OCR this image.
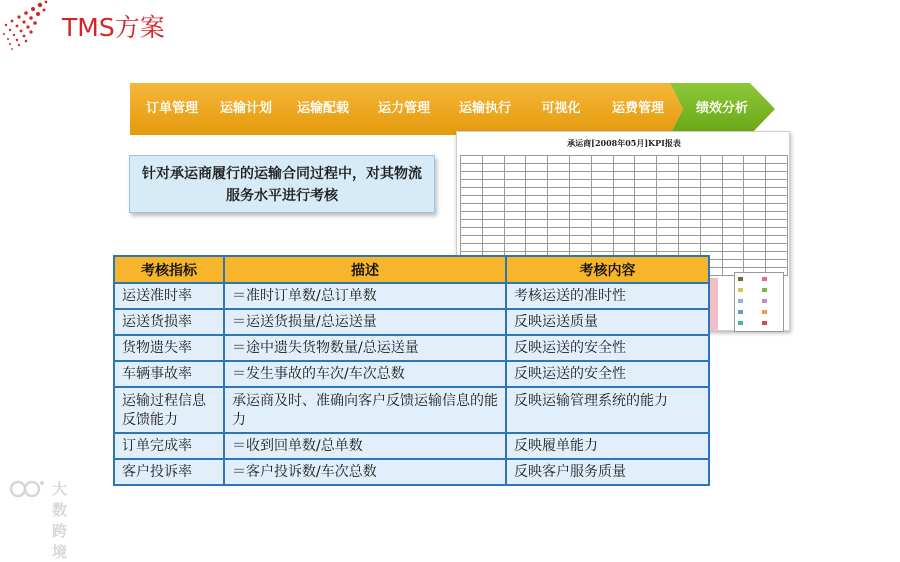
TMS方案
订单管理	运输计划	运输配载	运力管理	运输执行	可视化	运费管理	绩效分析
针对承运商履行的运输合同过程中，对其物流服务水平进行考核
承运商[2008年05月]KPI报表

考核指标	描述	考核内容
运送准时率	＝准时订单数/总订单数	考核运送的准时性
运送货损率	＝运送货损量/总运送量	反映运送质量
货物遗失率	＝途中遗失货物数量/总运送量	反映运送的安全性
车辆事故率	＝发生事故的车次/车次总数	反映运送的安全性
运输过程信息反馈能力	承运商及时、准确向客户反馈运输信息的能力	反映运输管理系统的能力
订单完成率	＝收到回单数/总单数	反映履单能力
客户投诉率	＝客户投诉数/车次总数	反映客户服务质量
大数跨境
